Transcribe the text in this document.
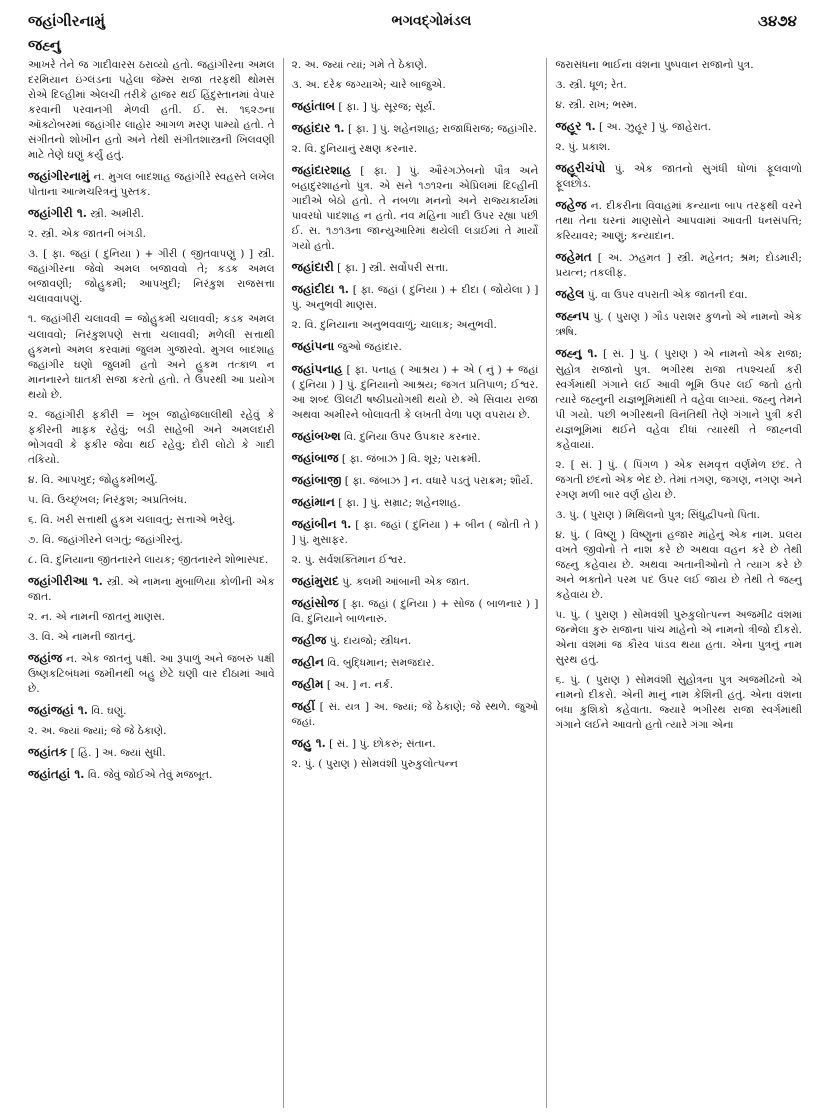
જહાંગીરનામું	ભગવદ્ગોમંડલ	૩૪૭૪
જહ્નુ

આખરે તેને જ ગાદીવારસ ઠરાવ્યો હતો. જહાંગીરના અમલ દરમિયાન ઇંગ્લંડના પહેલા જેમ્સ રાજા તરફથી થોમસ રોએ દિલ્હીમાં એલચી તરીકે હાજર થઈ હિંદુસ્તાનમાં વેપાર કરવાની પરવાનગી મેળવી હતી. ઈ. સ. ૧૬૨૭ના ઑક્ટોબરમાં જહાંગીર લાહોર આગળ મરણ પામ્યો હતો. તે સંગીતનો શોખીન હતો અને તેથી સંગીતશાસ્ત્રની ખિલવણી માટે તેણે ઘણું કર્યું હતું.

જહાંગીરનામું ન. મુગલ બાદશાહ જહાંગીરે સ્વહસ્તે લખેલ પોતાના આત્મચરિત્રનું પુસ્તક.

જહાંગીરી ૧. સ્ત્રી. અમીરી.

૨. સ્ત્રી. એક જાતની બંગડી.

૩. [ ફા. જહાં ( દુનિયા ) + ગીરી ( જીતવાપણું ) ] સ્ત્રી. જહાંગીરના જેવો અમલ બજાવવો તે; કડક અમલ બજાવણી; જોહુકમી; આપખુદી; નિરંકુશ રાજસત્તા ચલાવવાપણું.

૧. જહાંગીરી ચલાવવી = જોહુકમી ચલાવવી; કડક અમલ ચલાવવો; નિરંકુશપણે સત્તા ચલાવવી; મળેલી સત્તાથી હુકમનો અમલ કરવામાં જુલમ ગુજારવો. મુગલ બાદશાહ જહાંગીર ઘણો જુલમી હતો અને હુકમ તત્કાળ ન માનનારને ઘાતકી સજા કરતો હતો. તે ઉપરથી આ પ્રયોગ થયો છે.

૨. જહાંગીરી ફકીરી = ખૂબ જાહોજલાલીથી રહેવું કે ફકીરની માફક રહેવું; બડી સાહેબી અને અમલદારી ભોગવવી કે ફકીર જેવા થઈ રહેવું; દોરી લોટો કે ગાદી તકિયો.

૪. વિ. આપખુદ; જોહુકમીભર્યું.

૫. વિ. ઉચ્છૃંખલ; નિરંકુશ; અપ્રતિબંધ.

૬. વિ. ખરી સત્તાથી હુકમ ચલાવતું; સત્તાએ ભરેલું.

૭. વિ. જહાંગીરને લગતું; જહાંગીરનું.

૮. વિ. દુનિયાના જીતનારને લાયક; જીતનારને શોભાસ્પદ.

જહાંગીરીઆ ૧. સ્ત્રી. એ નામના મુંબાળિયા કોળીની એક જાત.

૨. ન. એ નામની જાતનું માણસ.

૩. વિ. એ નામની જાતનું.

જહાંજ ન. એક જાતનું પક્ષી. આ રૂપાળું અને જબરું પક્ષી ઉષ્ણકટિબંધમાં જમીનથી બહુ છેટે ઘણી વાર દીઠામાં આવે છે.

જહાંજહાં ૧. વિ. ઘણું.

૨. અ. જ્યાં જ્યાં; જે જે ઠેકાણે.

જહાંતક [ હિં. ] અ. જ્યાં સુધી.

જહાંતહાં ૧. વિ. જેવું જોઈએ તેવું મજબૂત.

૨. અ. જ્યાં ત્યાં; ગમે તે ઠેકાણે.

૩. અ. દરેક જગ્યાએ; ચારે બાજુએ.

જહાંતાબ [ ફા. ] પું. સૂરજ; સૂર્ય.

જહાંદાર ૧. [ ફા. ] પું. શહેનશાહ; રાજાધિરાજ; જહાંગીર.

૨. વિ. દુનિયાનું રક્ષણ કરનાર.

જહાંદારશાહ [ ફા. ] પું. ઔરંગઝેબનો પૌત્ર અને બહાદુરશાહનો પુત્ર. એ સને ૧૭૧૨ના એપ્રિલમાં દિલ્હીની ગાદીએ બેઠો હતો. તે નબળા મનનો અને રાજ્યકાર્યમાં પાવરધો પાદશાહ ન હતો. નવ મહિના ગાદી ઉપર રહ્યા પછી ઈ. સ. ૧૭૧૩ના જાન્યુઆરિમાં થયેલી લડાઈમાં તે માર્યો ગયો હતો.

જહાંદારી [ ફા. ] સ્ત્રી. સર્વોપરી સત્તા.

જહાંદીદા ૧. [ ફા. જહાં ( દુનિયા ) + દીદા ( જોયેલા ) ] પું. અનુભવી માણસ.

૨. વિ. દુનિયાના અનુભવવાળું; ચાલાક; અનુભવી.

જહાંપના જુઓ જહાંદાર.

જહાંપનાહ [ ફા. પનાહ ( આશ્રય ) + એ ( નું ) + જહાં ( દુનિયા ) ] પું. દુનિયાનો આશ્રય; જગત પ્રતિપાળ; ઈશ્વર. આ શબ્દ ઊલટી ષષ્ઠીપ્રયોગથી થયો છે. એ સિવાય રાજા અથવા અમીરને બોલાવતી કે લખતી વેળા પણ વપરાય છે.

જહાંબખ્શ વિ. દુનિયા ઉપર ઉપકાર કરનાર.

જહાંબાજ [ ફા. જંબાઝ ] વિ. શૂર; પરાક્રમી.

જહાંબાજી [ ફા. જંબાઝ ] ન. વધારે પડતું પરાક્રમ; શૌર્ય.

જહાંમાન [ ફા. ] પું. સમ્રાટ; શહેનશાહ.

જહાંબીન ૧. [ ફા. જહાં ( દુનિયા ) + બીન ( જોતી તે ) ] પું. મુસાફર.

૨. પું. સર્વશક્તિમાન ઈશ્વર.

જહાંમુરાદ પું. કલમી આંબાની એક જાત.

જહાંસોજ [ ફા. જહાં ( દુનિયા ) + સોજ ( બાળનાર ) ] વિ. દુનિયાને બાળનારું.

જહીજ પું. દાયજો; સ્ત્રીધન.

જહીન વિ. બુદ્ધિમાન; સમજદાર.

જહીમ [ અ. ] ન. નર્ક.

જહીં [ સં. યત્ર ] અ. જ્યાં; જે ઠેકાણે; જે સ્થળે. જુઓ જહાં.

જહુ ૧. [ સં. ] પું. છોકરું; સંતાન.

૨. પું. ( પુરાણ ) સોમવંશી પુરુકુલોત્પન્ન

જરાસંધના ભાઈના વંશના પુષ્પવાન રાજાનો પુત્ર.

૩. સ્ત્રી. ધૂળ; રેત.

૪. સ્ત્રી. રાખ; ભસ્મ.

જહૂર ૧. [ અ. ઝુહૂર ] પું. જાહેરાત.

૨. પું. પ્રકાશ.

જહૂરીચંપો પું. એક જાતનો સુગંધી ધોળાં ફૂલવાળો ફૂલછોડ.

જહેજ ન. દીકરીના વિવાહમાં કન્યાના બાપ તરફથી વરને તથા તેના ઘરનાં માણસોને આપવામાં આવતી ધનસંપત્તિ; કરિયાવર; આણું; કન્યાદાન.

જહેમત [ અ. ઝહમત ] સ્ત્રી. મહેનત; શ્રમ; દોડમારી; પ્રયત્ન; તકલીફ.

જહેલ પું. વા ઉપર વપરાતી એક જાતની દવા.

જહ્નપ પું. ( પુરાણ ) ગૌડ પરાશર કુળનો એ નામનો એક ઋષિ.

જહ્નુ ૧. [ સં. ] પું. ( પુરાણ ) એ નામનો એક રાજા; સુહોત્ર રાજાનો પુત્ર. ભગીરથ રાજા તપશ્ચર્યા કરી સ્વર્ગમાંથી ગંગાને લઈ આવી ભૂમિ ઉપર લઈ જતો હતો ત્યારે જહ્નુની યજ્ઞભૂમિમાંથી તે વહેવા લાગ્યાં. જહ્નુ તેમને પી ગયો. પછી ભગીરથની વિનંતિથી તેણે ગંગાને પુત્રી કરી યજ્ઞભૂમિમાં થઈને વહેવા દીધાં ત્યારથી તે જાહ્નવી કહેવાયાં.

૨. [ સં. ] પું. ( પિંગળ ) એક સમવૃત્ત વર્ણમેળ છંદ. તે જગતી છંદનો એક ભેદ છે. તેમાં તગણ, જગણ, નગણ અને રગણ મળી બાર વર્ણ હોય છે.

૩. પું. ( પુરાણ ) મિથિલનો પુત્ર; સિંધુદ્વીપનો પિતા.

૪. પું. ( વિષ્ણુ ) વિષ્ણુનાં હજાર માંહેનું એક નામ. પ્રલય વખતે જીવોનો તે નાશ કરે છે અથવા વહન કરે છે તેથી જહ્નુ કહેવાય છે. અથવા અતાનીઓનો તે ત્યાગ કરે છે અને ભક્તોને પરમ પદ ઉપર લઈ જાય છે તેથી તે જહ્નુ કહેવાય છે.

૫. પું. ( પુરાણ ) સોમવંશી પુરુકુલોત્પન્ન અજમીઢ વંશમાં જન્મેલા કુરુ રાજાના પાંચ માંહેનો એ નામનો ત્રીજો દીકરો. એના વંશમાં જ કૌરવ પાંડવ થયા હતા. એના પુત્રનું નામ સુરથ હતું.

૬. પું. ( પુરાણ ) સોમવંશી સુહોત્રના પુત્ર અજમીઢનો એ નામનો દીકરો. એની માનું નામ કેશિની હતું. એના વંશના બધા કુશિકો કહેવાતા. જ્યારે ભગીરથ રાજા સ્વર્ગમાંથી ગંગાને લઈને આવતો હતો ત્યારે ગંગા એના
